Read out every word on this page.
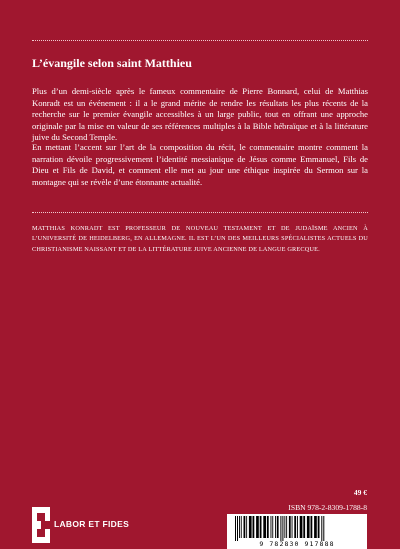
L’évangile selon saint Matthieu
Plus d’un demi-siècle après le fameux commentaire de Pierre Bonnard, celui de Matthias Konradt est un événement : il a le grand mérite de rendre les résultats les plus récents de la recherche sur le premier évangile accessibles à un large public, tout en offrant une approche originale par la mise en valeur de ses références multiples à la Bible hébraïque et à la littérature juive du Second Temple.
En mettant l’accent sur l’art de la composition du récit, le commentaire montre comment la narration dévoile progressivement l’identité messianique de Jésus comme Emmanuel, Fils de Dieu et Fils de David, et comment elle met au jour une éthique inspirée du Sermon sur la montagne qui se révèle d’une étonnante actualité.
MATTHIAS KONRADT EST PROFESSEUR DE NOUVEAU TESTAMENT ET DE JUDAÏSME ANCIEN À L’UNIVERSITÉ DE HEIDELBERG, EN ALLEMAGNE. IL EST L’UN DES MEILLEURS SPÉCIALISTES ACTUELS DU CHRISTIANISME NAISSANT ET DE LA LITTÉRATURE JUIVE ANCIENNE DE LANGUE GRECQUE.
49 €
ISBN 978-2-8309-1788-8
9 782830 917888
LABOR ET FIDES
